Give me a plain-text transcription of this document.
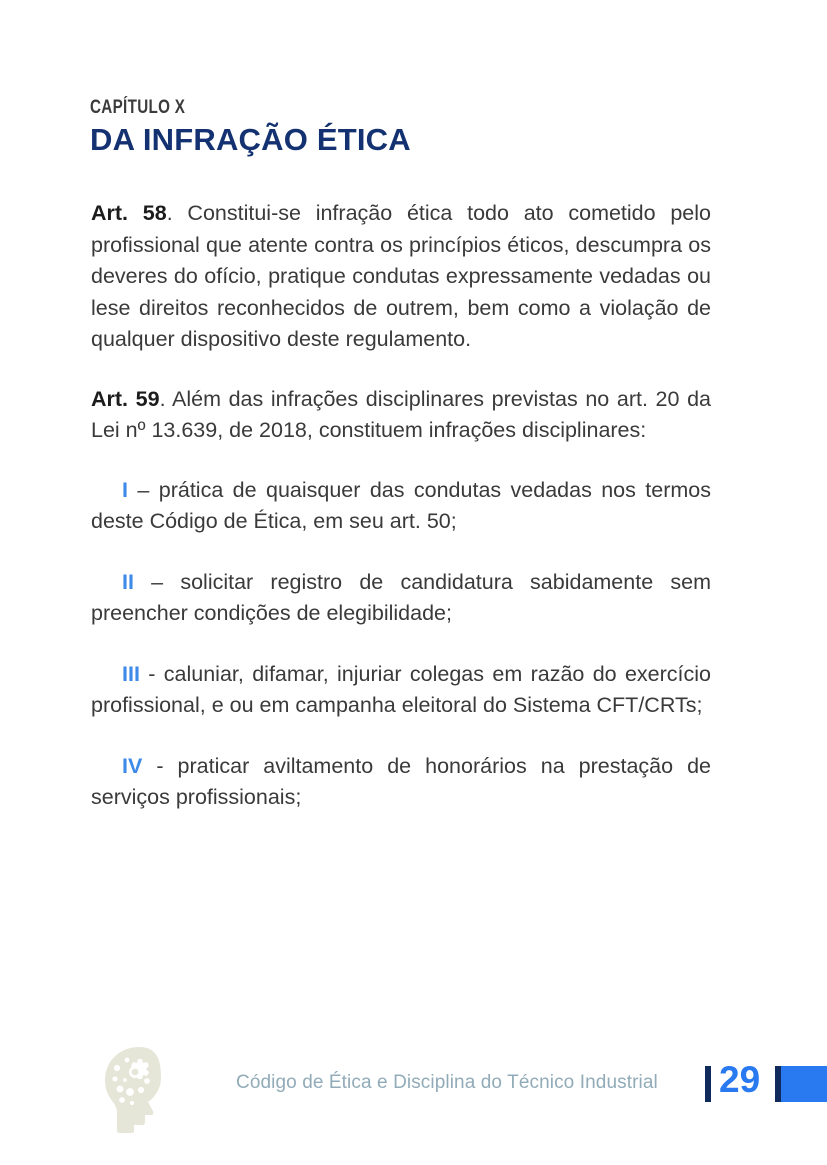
CAPÍTULO X
DA INFRAÇÃO ÉTICA

Art. 58. Constitui-se infração ética todo ato cometido pelo profissional que atente contra os princípios éticos, descumpra os deveres do ofício, pratique condutas expressamente vedadas ou lese direitos reconhecidos de outrem, bem como a violação de qualquer dispositivo deste regulamento.

Art. 59. Além das infrações disciplinares previstas no art. 20 da Lei nº 13.639, de 2018, constituem infrações disciplinares:

I – prática de quaisquer das condutas vedadas nos termos deste Código de Ética, em seu art. 50;

II – solicitar registro de candidatura sabidamente sem preencher condições de elegibilidade;

III - caluniar, difamar, injuriar colegas em razão do exercício profissional, e ou em campanha eleitoral do Sistema CFT/CRTs;

IV - praticar aviltamento de honorários na prestação de serviços profissionais;

Código de Ética e Disciplina do Técnico Industrial 29
